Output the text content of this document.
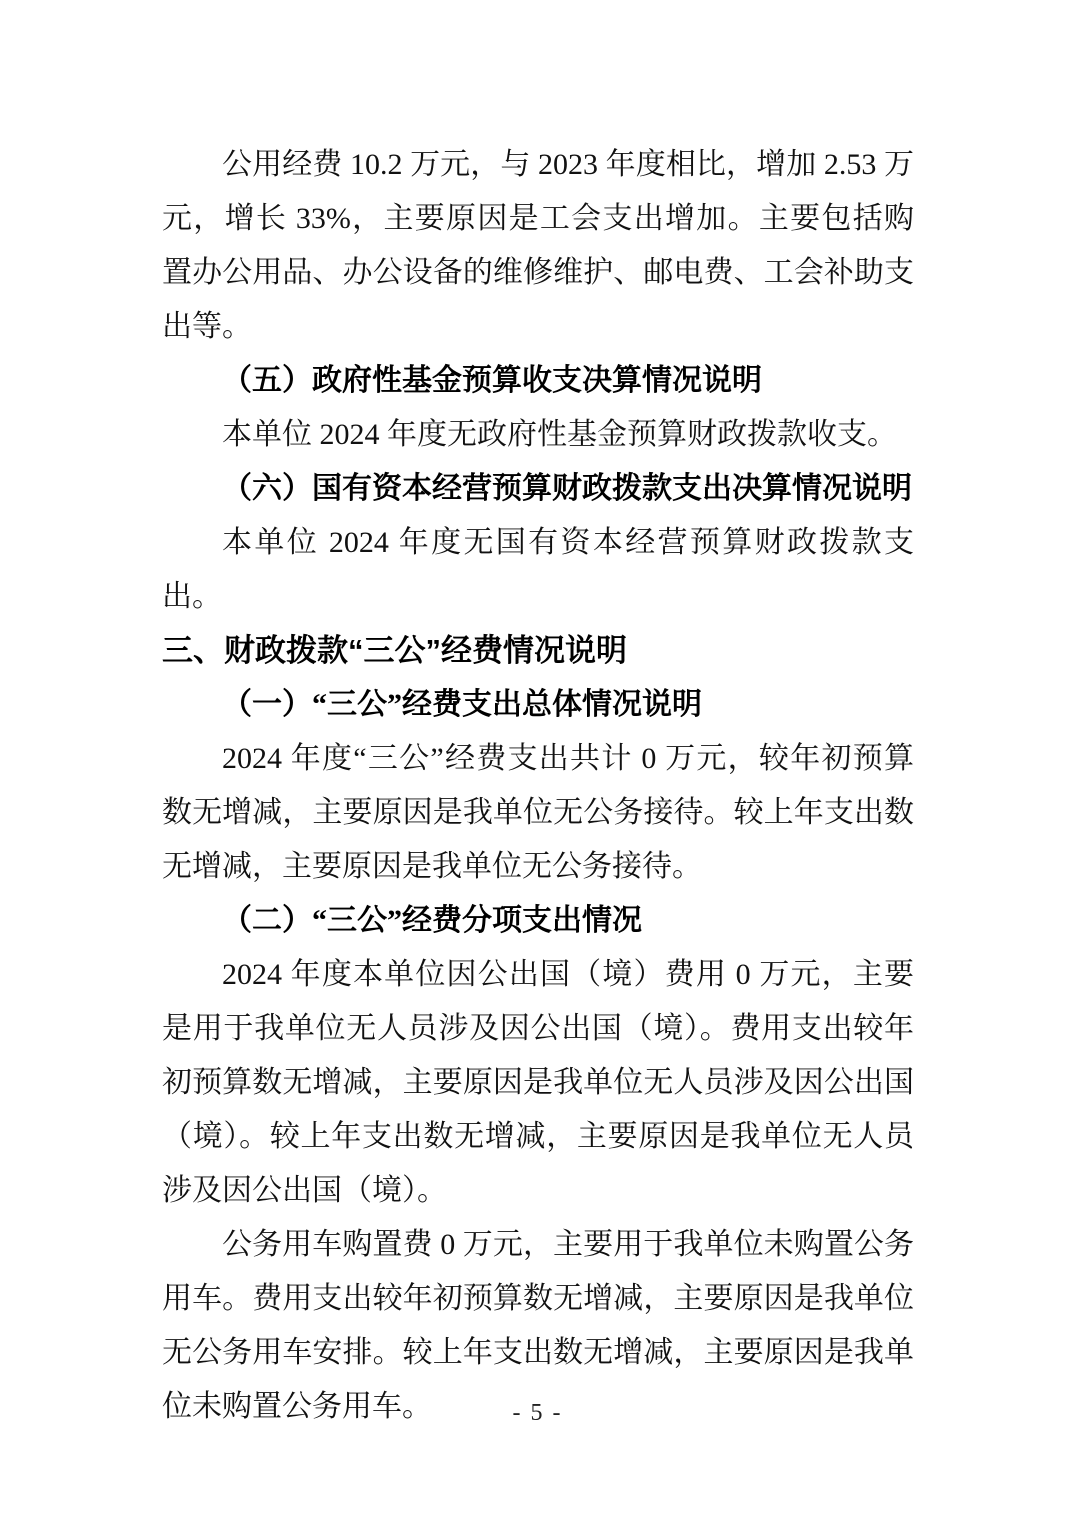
公用经费 10.2 万元，与 2023 年度相比，增加 2.53 万元，增长 33%，主要原因是工会支出增加。主要包括购置办公用品、办公设备的维修维护、邮电费、工会补助支出等。

（五）政府性基金预算收支决算情况说明

本单位 2024 年度无政府性基金预算财政拨款收支。

（六）国有资本经营预算财政拨款支出决算情况说明

本单位 2024 年度无国有资本经营预算财政拨款支出。

三、财政拨款“三公”经费情况说明
（一）“三公”经费支出总体情况说明

2024 年度“三公”经费支出共计 0 万元，较年初预算数无增减，主要原因是我单位无公务接待。较上年支出数无增减，主要原因是我单位无公务接待。

（二）“三公”经费分项支出情况

2024 年度本单位因公出国（境）费用 0 万元，主要是用于我单位无人员涉及因公出国（境）。费用支出较年初预算数无增减，主要原因是我单位无人员涉及因公出国（境）。较上年支出数无增减，主要原因是我单位无人员涉及因公出国（境）。

公务用车购置费 0 万元，主要用于我单位未购置公务用车。费用支出较年初预算数无增减，主要原因是我单位无公务用车安排。较上年支出数无增减，主要原因是我单位未购置公务用车。	- 5 -
